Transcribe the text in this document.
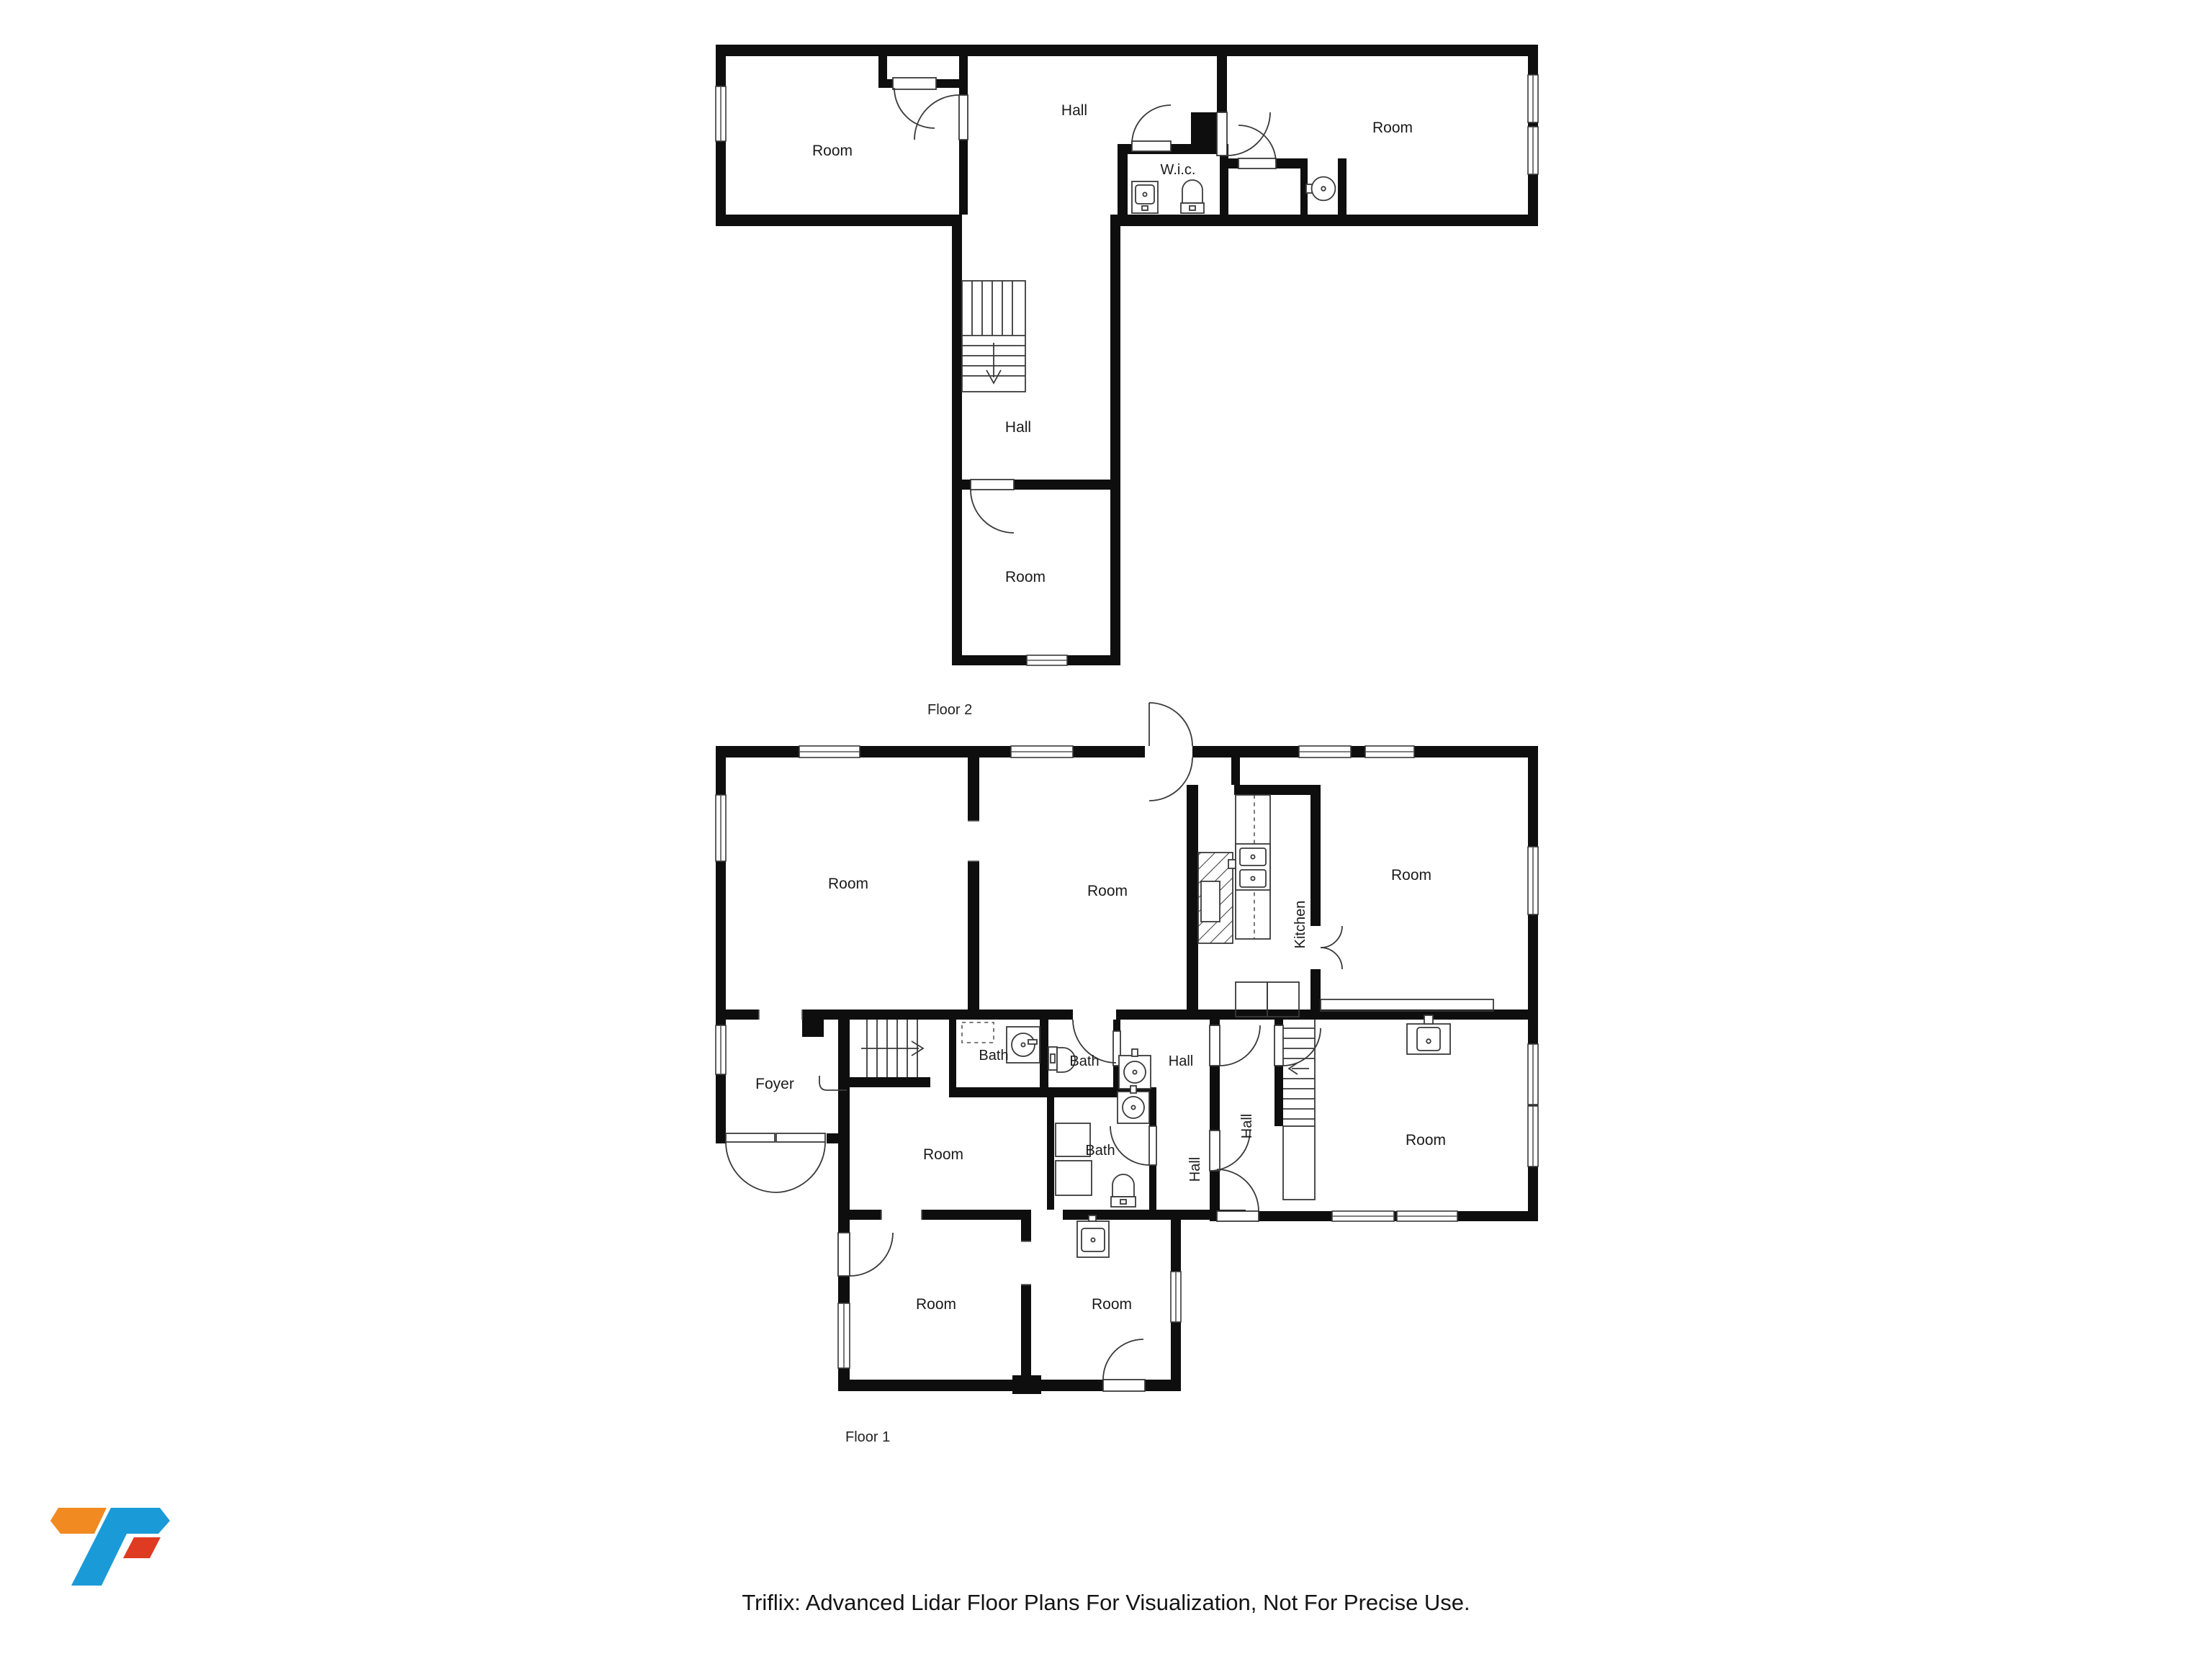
Room
Hall
W.i.c.
Room
Hall
Room
Floor 2
Room	Room
Room
Kitchen
Foyer
Bath	Bath	Hall
Bath
Hall
Hall
Room
Room
Room	Room
Floor 1
Triflix: Advanced Lidar Floor Plans For Visualization, Not For Precise Use.
